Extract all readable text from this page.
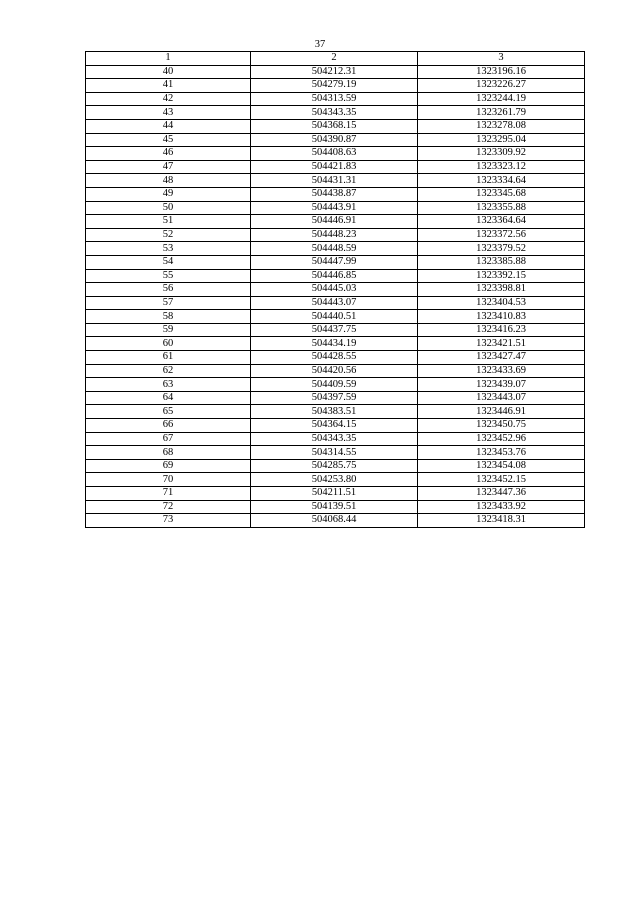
37
1	2	3
40	504212.31	1323196.16
41	504279.19	1323226.27
42	504313.59	1323244.19
43	504343.35	1323261.79
44	504368.15	1323278.08
45	504390.87	1323295.04
46	504408.63	1323309.92
47	504421.83	1323323.12
48	504431.31	1323334.64
49	504438.87	1323345.68
50	504443.91	1323355.88
51	504446.91	1323364.64
52	504448.23	1323372.56
53	504448.59	1323379.52
54	504447.99	1323385.88
55	504446.85	1323392.15
56	504445.03	1323398.81
57	504443.07	1323404.53
58	504440.51	1323410.83
59	504437.75	1323416.23
60	504434.19	1323421.51
61	504428.55	1323427.47
62	504420.56	1323433.69
63	504409.59	1323439.07
64	504397.59	1323443.07
65	504383.51	1323446.91
66	504364.15	1323450.75
67	504343.35	1323452.96
68	504314.55	1323453.76
69	504285.75	1323454.08
70	504253.80	1323452.15
71	504211.51	1323447.36
72	504139.51	1323433.92
73	504068.44	1323418.31
